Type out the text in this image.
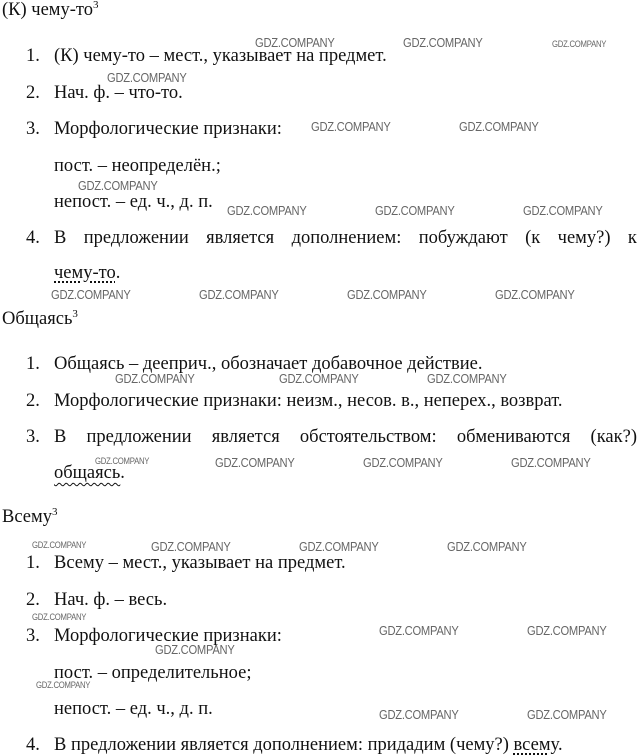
(К) чему-$то^3$
1. (К) чему-то – мест., указывает на предмет.
2. Нач. ф. – что-то.
3. Морфологические признаки:
пост. – неопределён.;
непост. – ед. ч., д. п.
4. В предложении является дополнением: побуждают (к чему?) к
чему-то.
Общаясь$^3$
1. Общаясь – дееприч., обозначает добавочное действие.
2. Морфологические признаки: неизм., несов. в., неперех., возврат.
3. В предложении является обстоятельством: обмениваются (как?)
общаясь.
Всему$^3$
1. Всему – мест., указывает на предмет.
2. Нач. ф. – весь.
3. Морфологические признаки:
пост. – определительное;
непост. – ед. ч., д. п.
4. В предложении является дополнением: придадим (чему?) всему.
GDZ.COMPANY	GDZ.COMPANY	GDZ.COMPANY
GDZ.COMPANY
GDZ.COMPANY	GDZ.COMPANY
GDZ.COMPANY
GDZ.COMPANY	GDZ.COMPANY	GDZ.COMPANY
GDZ.COMPANY	GDZ.COMPANY	GDZ.COMPANY	GDZ.COMPANY
GDZ.COMPANY	GDZ.COMPANY	GDZ.COMPANY
GDZ.COMPANY	GDZ.COMPANY	GDZ.COMPANY	GDZ.COMPANY
GDZ.COMPANY	GDZ.COMPANY	GDZ.COMPANY	GDZ.COMPANY
GDZ.COMPANY
GDZ.COMPANY	GDZ.COMPANY
GDZ.COMPANY
GDZ.COMPANY
GDZ.COMPANY	GDZ.COMPANY
